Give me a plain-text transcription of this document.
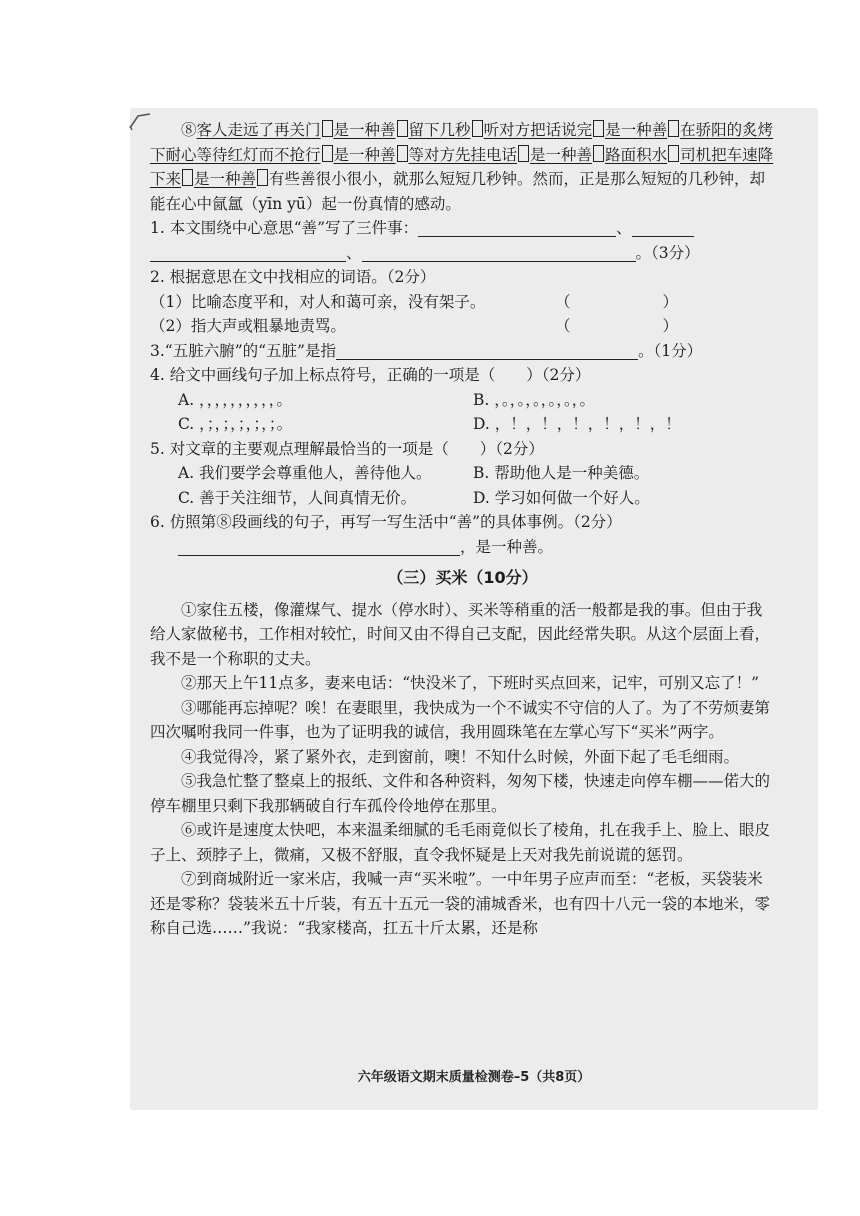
⑧客人走远了再关门 是一种善 留下几秒 听对方把话说完 是一种善 在骄阳的炙烤下耐心等待红灯而不抢行 是一种善 等对方先挂电话 是一种善 路面积水 司机把车速降下来 是一种善 有些善很小很小，就那么短短几秒钟。然而，正是那么短短的几秒钟，却能在心中氤氲（yīn yū）起一份真情的感动。

1. 本文围绕中心意思“善”写了三件事：	、

、	。（3分）

2. 根据意思在文中找相应的词语。（2分）

（1）比喻态度平和，对人和蔼可亲，没有架子。	（	）

（2）指大声或粗暴地责骂。	（	）

3.“五脏六腑”的“五脏”是指	。（1分）

4. 给文中画线句子加上标点符号，正确的一项是（　　）（2分）

A. ，，，，，，，，，，。	B. ，。，。，。，。，。，。
C. ，；，；，；，；，；。	D. ，！，！，！，！，！，！

5. 对文章的主要观点理解最恰当的一项是（　　）（2分）

A. 我们要学会尊重他人，善待他人。	B. 帮助他人是一种美德。
C. 善于关注细节，人间真情无价。	D. 学习如何做一个好人。

6. 仿照第⑧段画线的句子，再写一写生活中“善”的具体事例。（2分）

，是一种善。

（三）买米（10分）

①家住五楼，像灌煤气、提水（停水时）、买米等稍重的活一般都是我的事。但由于我给人家做秘书，工作相对较忙，时间又由不得自己支配，因此经常失职。从这个层面上看，我不是一个称职的丈夫。

②那天上午11点多，妻来电话：“快没米了，下班时买点回来，记牢，可别又忘了！”

③哪能再忘掉呢？唉！在妻眼里，我快成为一个不诚实不守信的人了。为了不劳烦妻第四次嘱咐我同一件事，也为了证明我的诚信，我用圆珠笔在左掌心写下“买米”两字。

④我觉得冷，紧了紧外衣，走到窗前，噢！不知什么时候，外面下起了毛毛细雨。

⑤我急忙整了整桌上的报纸、文件和各种资料，匆匆下楼，快速走向停车棚——偌大的停车棚里只剩下我那辆破自行车孤伶伶地停在那里。

⑥或许是速度太快吧，本来温柔细腻的毛毛雨竟似长了棱角，扎在我手上、脸上、眼皮子上、颈脖子上，微痛，又极不舒服，直令我怀疑是上天对我先前说谎的惩罚。

⑦到商城附近一家米店，我喊一声“买米啦”。一中年男子应声而至：“老板，买袋装米还是零称？袋装米五十斤装，有五十五元一袋的浦城香米，也有四十八元一袋的本地米，零称自己选……”我说：“我家楼高，扛五十斤太累，还是称

六年级语文期末质量检测卷–5（共8页）
